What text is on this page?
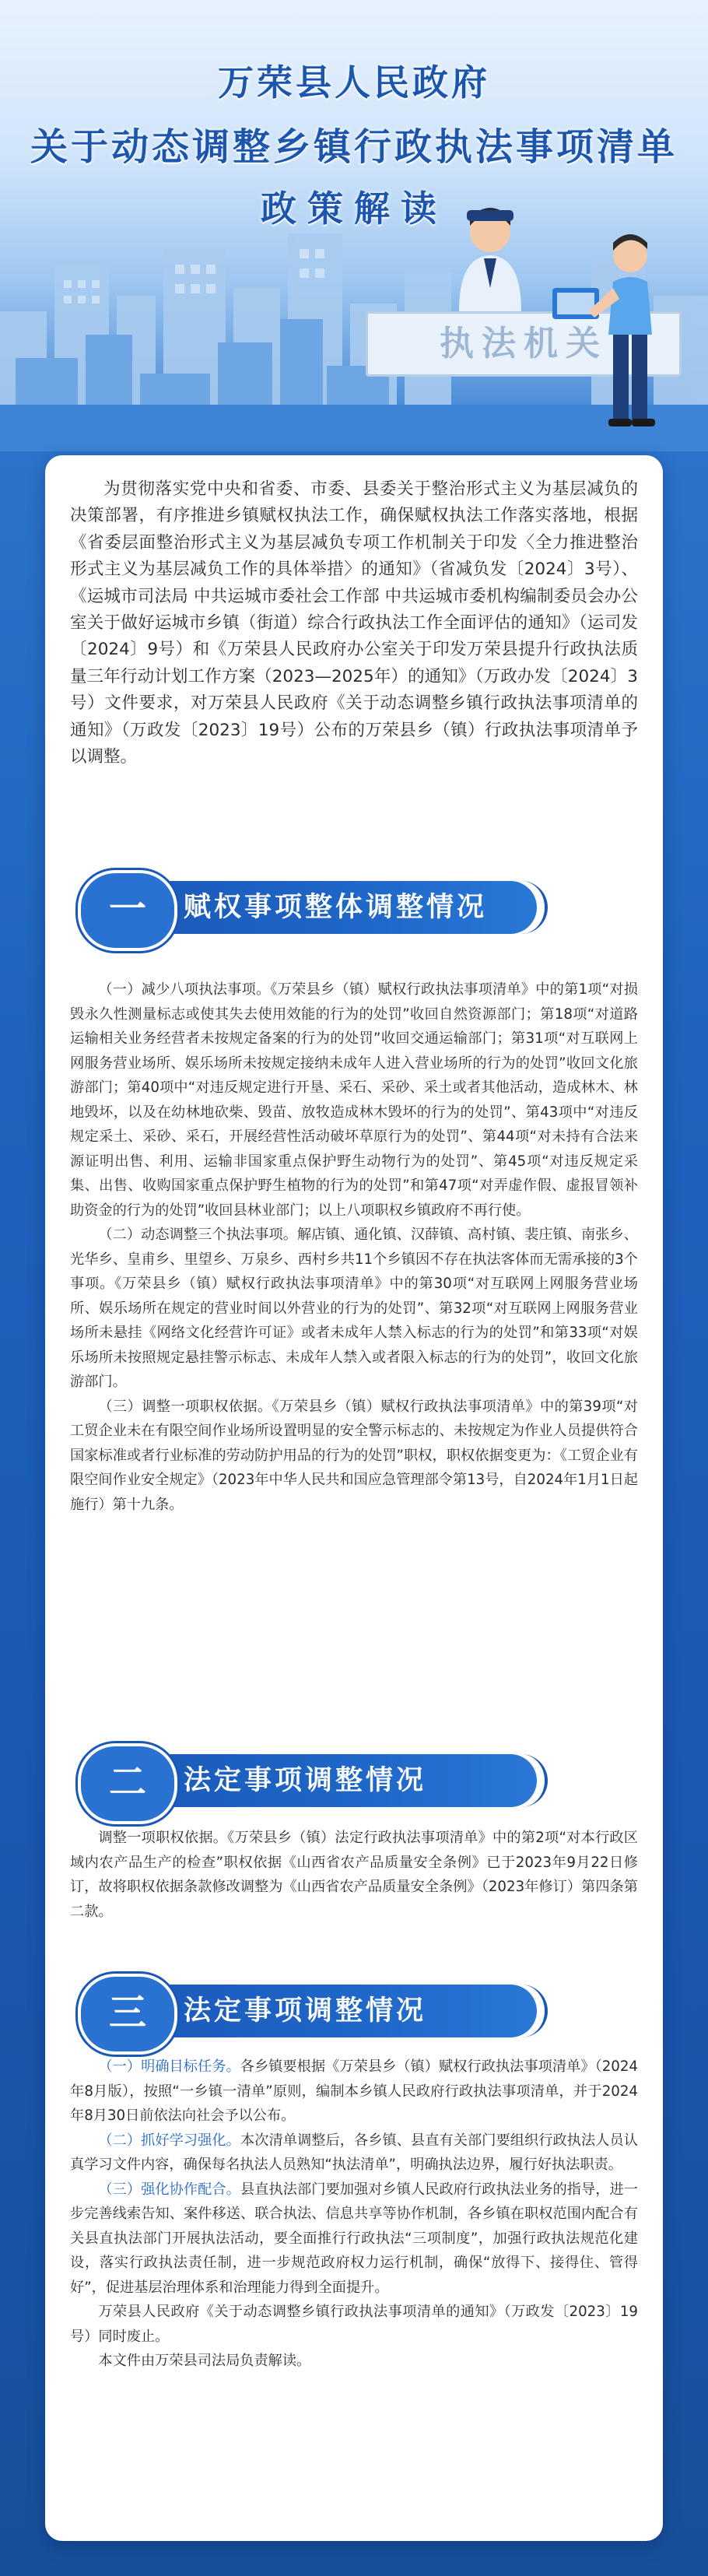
万荣县人民政府
关于动态调整乡镇行政执法事项清单
政策解读
执法机关
为贯彻落实党中央和省委、市委、县委关于整治形式主义为基层减负的决策部署，有序推进乡镇赋权执法工作，确保赋权执法工作落实落地，根据《省委层面整治形式主义为基层减负专项工作机制关于印发〈全力推进整治形式主义为基层减负工作的具体举措〉的通知》（省减负发〔2024〕3号）、《运城市司法局 中共运城市委社会工作部 中共运城市委机构编制委员会办公室关于做好运城市乡镇（街道）综合行政执法工作全面评估的通知》（运司发〔2024〕9号）和《万荣县人民政府办公室关于印发万荣县提升行政执法质量三年行动计划工作方案（2023—2025年）的通知》（万政办发〔2024〕3号）文件要求，对万荣县人民政府《关于动态调整乡镇行政执法事项清单的通知》（万政发〔2023〕19号）公布的万荣县乡（镇）行政执法事项清单予以调整。
一	赋权事项整体调整情况

（一）减少八项执法事项。《万荣县乡（镇）赋权行政执法事项清单》中的第1项“对损毁永久性测量标志或使其失去使用效能的行为的处罚”收回自然资源部门；第18项“对道路运输相关业务经营者未按规定备案的行为的处罚”收回交通运输部门；第31项“对互联网上网服务营业场所、娱乐场所未按规定接纳未成年人进入营业场所的行为的处罚”收回文化旅游部门；第40项中“对违反规定进行开垦、采石、采砂、采土或者其他活动，造成林木、林地毁坏，以及在幼林地砍柴、毁苗、放牧造成林木毁坏的行为的处罚”、第43项中“对违反规定采土、采砂、采石，开展经营性活动破坏草原行为的处罚”、第44项“对未持有合法来源证明出售、利用、运输非国家重点保护野生动物行为的处罚”、第45项“对违反规定采集、出售、收购国家重点保护野生植物的行为的处罚”和第47项“对弄虚作假、虚报冒领补助资金的行为的处罚”收回县林业部门；以上八项职权乡镇政府不再行使。

（二）动态调整三个执法事项。解店镇、通化镇、汉薛镇、高村镇、裴庄镇、南张乡、光华乡、皇甫乡、里望乡、万泉乡、西村乡共11个乡镇因不存在执法客体而无需承接的3个事项。《万荣县乡（镇）赋权行政执法事项清单》中的第30项“对互联网上网服务营业场所、娱乐场所在规定的营业时间以外营业的行为的处罚”、第32项“对互联网上网服务营业场所未悬挂《网络文化经营许可证》或者未成年人禁入标志的行为的处罚”和第33项“对娱乐场所未按照规定悬挂警示标志、未成年人禁入或者限入标志的行为的处罚”，收回文化旅游部门。

（三）调整一项职权依据。《万荣县乡（镇）赋权行政执法事项清单》中的第39项“对工贸企业未在有限空间作业场所设置明显的安全警示标志的、未按规定为作业人员提供符合国家标准或者行业标准的劳动防护用品的行为的处罚”职权，职权依据变更为：《工贸企业有限空间作业安全规定》（2023年中华人民共和国应急管理部令第13号，自2024年1月1日起施行）第十九条。

二	法定事项调整情况

调整一项职权依据。《万荣县乡（镇）法定行政执法事项清单》中的第2项“对本行政区域内农产品生产的检查”职权依据《山西省农产品质量安全条例》已于2023年9月22日修订，故将职权依据条款修改调整为《山西省农产品质量安全条例》（2023年修订）第四条第二款。

三	法定事项调整情况

（一）明确目标任务。各乡镇要根据《万荣县乡（镇）赋权行政执法事项清单》（2024年8月版），按照“一乡镇一清单”原则，编制本乡镇人民政府行政执法事项清单，并于2024年8月30日前依法向社会予以公布。

（二）抓好学习强化。本次清单调整后，各乡镇、县直有关部门要组织行政执法人员认真学习文件内容，确保每名执法人员熟知“执法清单”，明确执法边界，履行好执法职责。

（三）强化协作配合。县直执法部门要加强对乡镇人民政府行政执法业务的指导，进一步完善线索告知、案件移送、联合执法、信息共享等协作机制，各乡镇在职权范围内配合有关县直执法部门开展执法活动，要全面推行行政执法“三项制度”，加强行政执法规范化建设，落实行政执法责任制，进一步规范政府权力运行机制，确保“放得下、接得住、管得好”，促进基层治理体系和治理能力得到全面提升。

万荣县人民政府《关于动态调整乡镇行政执法事项清单的通知》（万政发〔2023〕19号）同时废止。

本文件由万荣县司法局负责解读。
